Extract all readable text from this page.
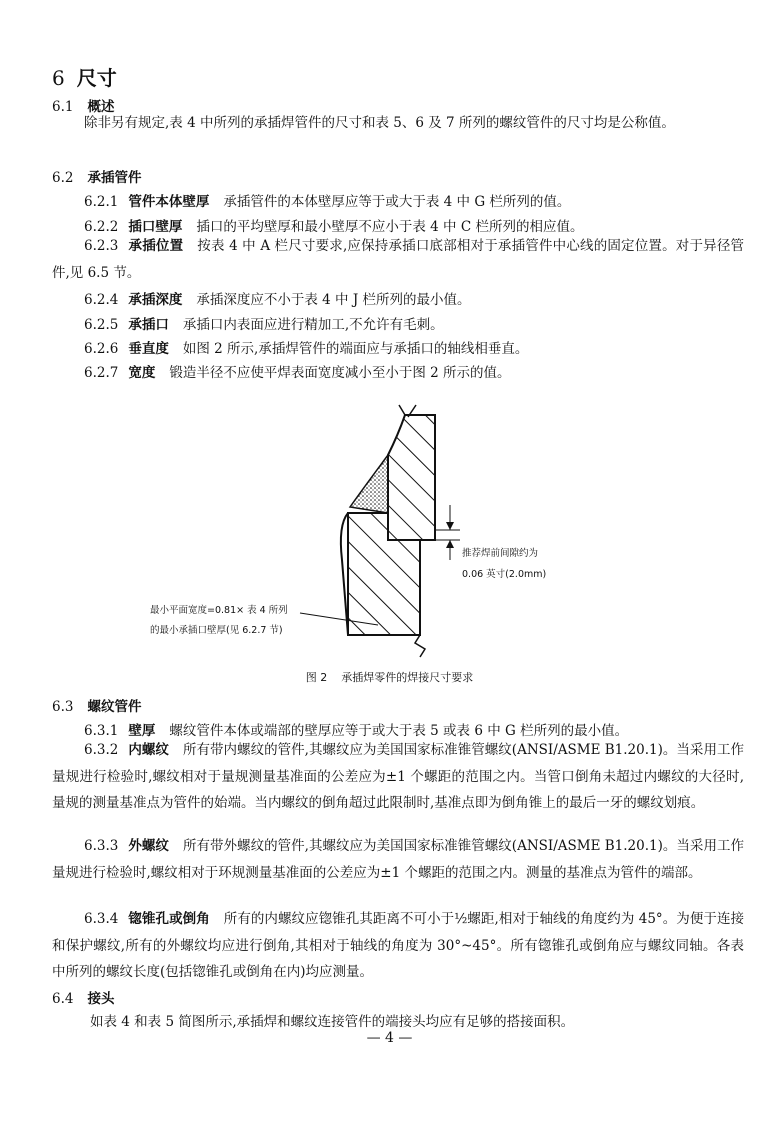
6 尺寸
6.1 概述
除非另有规定,表 4 中所列的承插焊管件的尺寸和表 5、6 及 7 所列的螺纹管件的尺寸均是公称值。
6.2 承插管件
6.2.1 管件本体壁厚 承插管件的本体壁厚应等于或大于表 4 中 G 栏所列的值。
6.2.2 插口壁厚 插口的平均壁厚和最小壁厚不应小于表 4 中 C 栏所列的相应值。
6.2.3 承插位置 按表 4 中 A 栏尺寸要求,应保持承插口底部相对于承插管件中心线的固定位置。对于异径管件,见 6.5 节。
6.2.4 承插深度 承插深度应不小于表 4 中 J 栏所列的最小值。
6.2.5 承插口 承插口内表面应进行精加工,不允许有毛刺。
6.2.6 垂直度 如图 2 所示,承插焊管件的端面应与承插口的轴线相垂直。
6.2.7 宽度 锻造半径不应使平焊表面宽度减小至小于图 2 所示的值。
推荐焊前间隙约为
0.06 英寸(2.0mm)
最小平面宽度=0.81× 表 4 所列
的最小承插口壁厚(见 6.2.7 节)
图 2 承插焊零件的焊接尺寸要求
6.3 螺纹管件
6.3.1 壁厚 螺纹管件本体或端部的壁厚应等于或大于表 5 或表 6 中 G 栏所列的最小值。
6.3.2 内螺纹 所有带内螺纹的管件,其螺纹应为美国国家标准锥管螺纹(ANSI/ASME B1.20.1)。当采用工作量规进行检验时,螺纹相对于量规测量基准面的公差应为±1 个螺距的范围之内。当管口倒角未超过内螺纹的大径时,量规的测量基准点为管件的始端。当内螺纹的倒角超过此限制时,基准点即为倒角锥上的最后一牙的螺纹划痕。
6.3.3 外螺纹 所有带外螺纹的管件,其螺纹应为美国国家标准锥管螺纹(ANSI/ASME B1.20.1)。当采用工作量规进行检验时,螺纹相对于环规测量基准面的公差应为±1 个螺距的范围之内。测量的基准点为管件的端部。
6.3.4 锪锥孔或倒角 所有的内螺纹应锪锥孔其距离不可小于½螺距,相对于轴线的角度约为 45°。为便于连接和保护螺纹,所有的外螺纹均应进行倒角,其相对于轴线的角度为 30°~45°。所有锪锥孔或倒角应与螺纹同轴。各表中所列的螺纹长度(包括锪锥孔或倒角在内)均应测量。
6.4 接头
如表 4 和表 5 简图所示,承插焊和螺纹连接管件的端接头均应有足够的搭接面积。
— 4 —
